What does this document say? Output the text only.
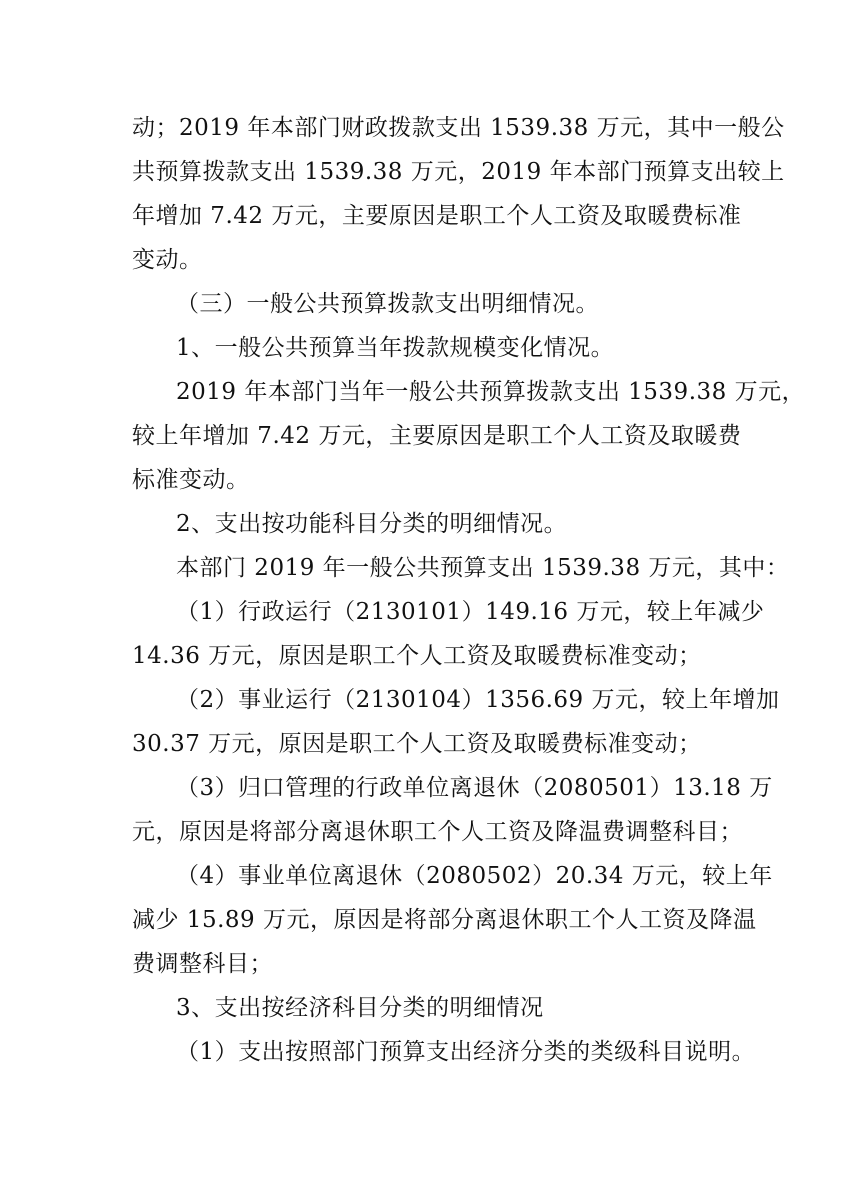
动；2019 年本部门财政拨款支出 1539.38 万元，其中一般公
共预算拨款支出 1539.38 万元，2019 年本部门预算支出较上
年增加 7.42 万元，主要原因是职工个人工资及取暖费标准
变动。
（三）一般公共预算拨款支出明细情况。
1、一般公共预算当年拨款规模变化情况。
2019 年本部门当年一般公共预算拨款支出 1539.38 万元，
较上年增加 7.42 万元，主要原因是职工个人工资及取暖费
标准变动。
2、支出按功能科目分类的明细情况。
本部门 2019 年一般公共预算支出 1539.38 万元，其中：
（1）行政运行（2130101）149.16 万元，较上年减少
14.36 万元，原因是职工个人工资及取暖费标准变动；
（2）事业运行（2130104）1356.69 万元，较上年增加
30.37 万元，原因是职工个人工资及取暖费标准变动；
（3）归口管理的行政单位离退休（2080501）13.18 万
元，原因是将部分离退休职工个人工资及降温费调整科目；
（4）事业单位离退休（2080502）20.34 万元，较上年
减少 15.89 万元，原因是将部分离退休职工个人工资及降温
费调整科目；
3、支出按经济科目分类的明细情况
（1）支出按照部门预算支出经济分类的类级科目说明。
